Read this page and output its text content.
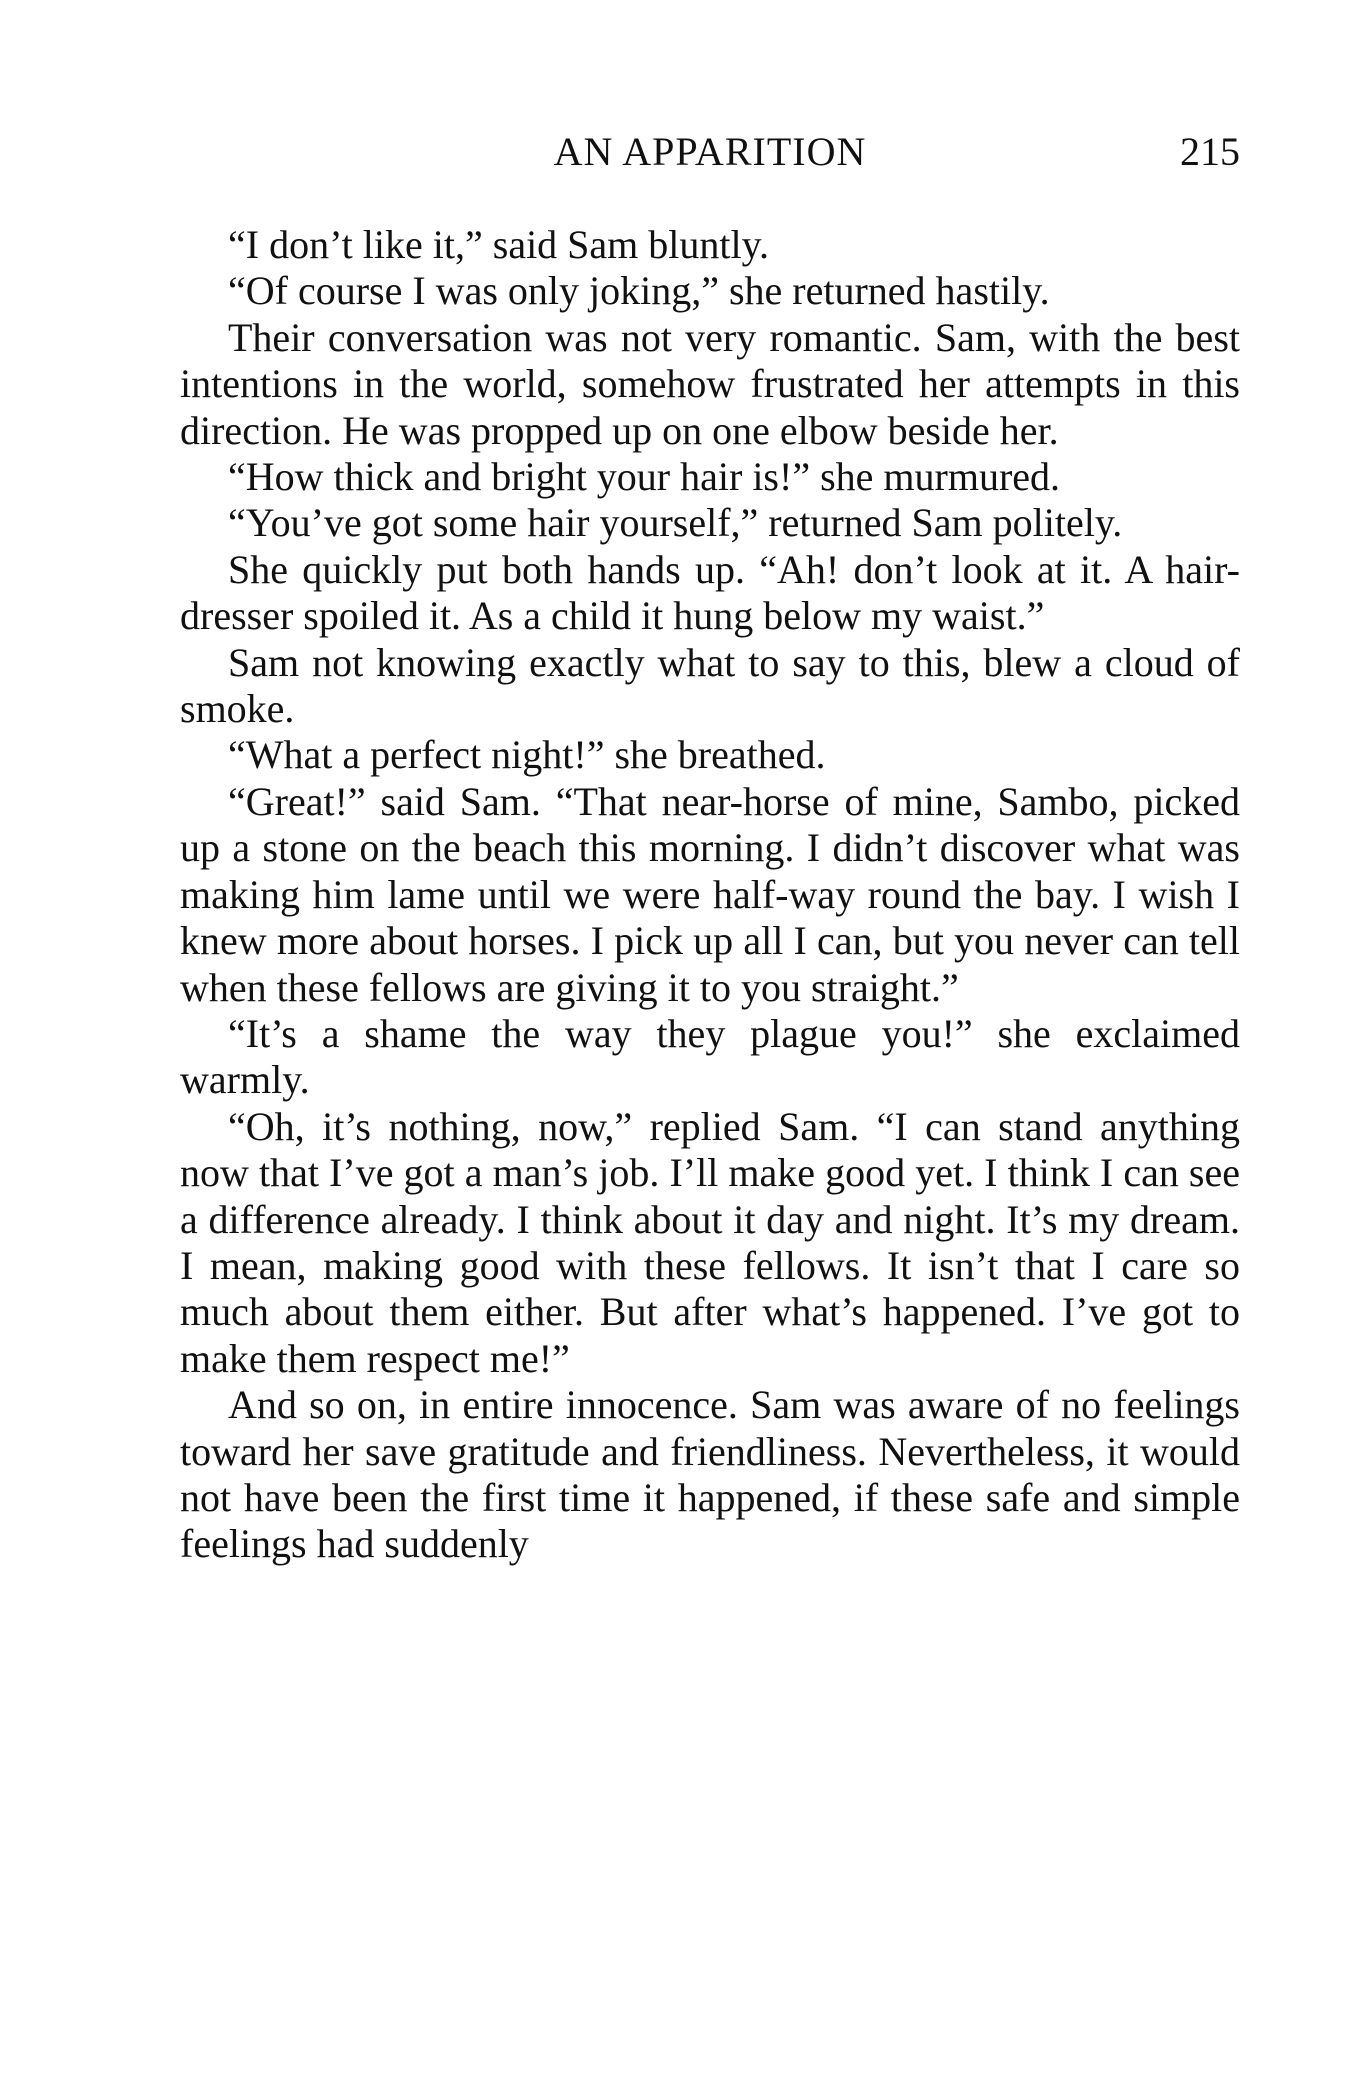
AN APPARITION	215

“I don’t like it,” said Sam bluntly.

“Of course I was only joking,” she returned hastily.

Their conversation was not very romantic. Sam, with the best intentions in the world, somehow frustrated her attempts in this direction. He was propped up on one elbow beside her.

“How thick and bright your hair is!” she murmured.

“You’ve got some hair yourself,” returned Sam politely.

She quickly put both hands up. “Ah! don’t look at it. A hair-dresser spoiled it. As a child it hung below my waist.”

Sam not knowing exactly what to say to this, blew a cloud of smoke.

“What a perfect night!” she breathed.

“Great!” said Sam. “That near-horse of mine, Sambo, picked up a stone on the beach this morning. I didn’t discover what was making him lame until we were half-way round the bay. I wish I knew more about horses. I pick up all I can, but you never can tell when these fellows are giving it to you straight.”

“It’s a shame the way they plague you!” she exclaimed warmly.

“Oh, it’s nothing, now,” replied Sam. “I can stand anything now that I’ve got a man’s job. I’ll make good yet. I think I can see a difference already. I think about it day and night. It’s my dream. I mean, making good with these fellows. It isn’t that I care so much about them either. But after what’s happened. I’ve got to make them respect me!”

And so on, in entire innocence. Sam was aware of no feelings toward her save gratitude and friendliness. Nevertheless, it would not have been the first time it happened, if these safe and simple feelings had suddenly
